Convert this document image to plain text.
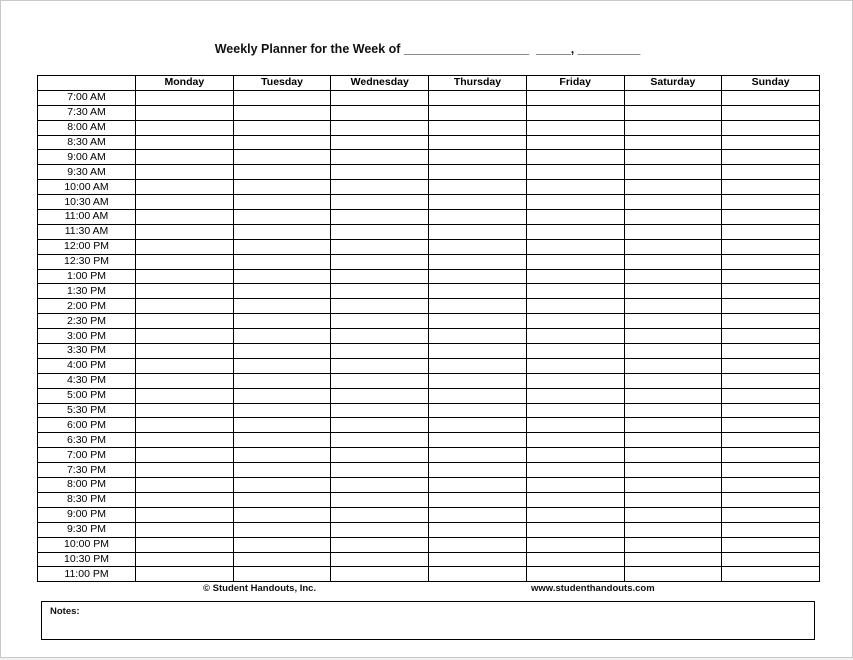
Weekly Planner for the Week of __________________  _____, _________
	Monday	Tuesday	Wednesday	Thursday	Friday	Saturday	Sunday
7:00 AM							
7:30 AM							
8:00 AM							
8:30 AM							
9:00 AM							
9:30 AM							
10:00 AM							
10:30 AM							
11:00 AM							
11:30 AM							
12:00 PM							
12:30 PM							
1:00 PM							
1:30 PM							
2:00 PM							
2:30 PM							
3:00 PM							
3:30 PM							
4:00 PM							
4:30 PM							
5:00 PM							
5:30 PM							
6:00 PM							
6:30 PM							
7:00 PM							
7:30 PM							
8:00 PM							
8:30 PM							
9:00 PM							
9:30 PM							
10:00 PM							
10:30 PM							
11:00 PM							
© Student Handouts, Inc.	www.studenthandouts.com
Notes:
